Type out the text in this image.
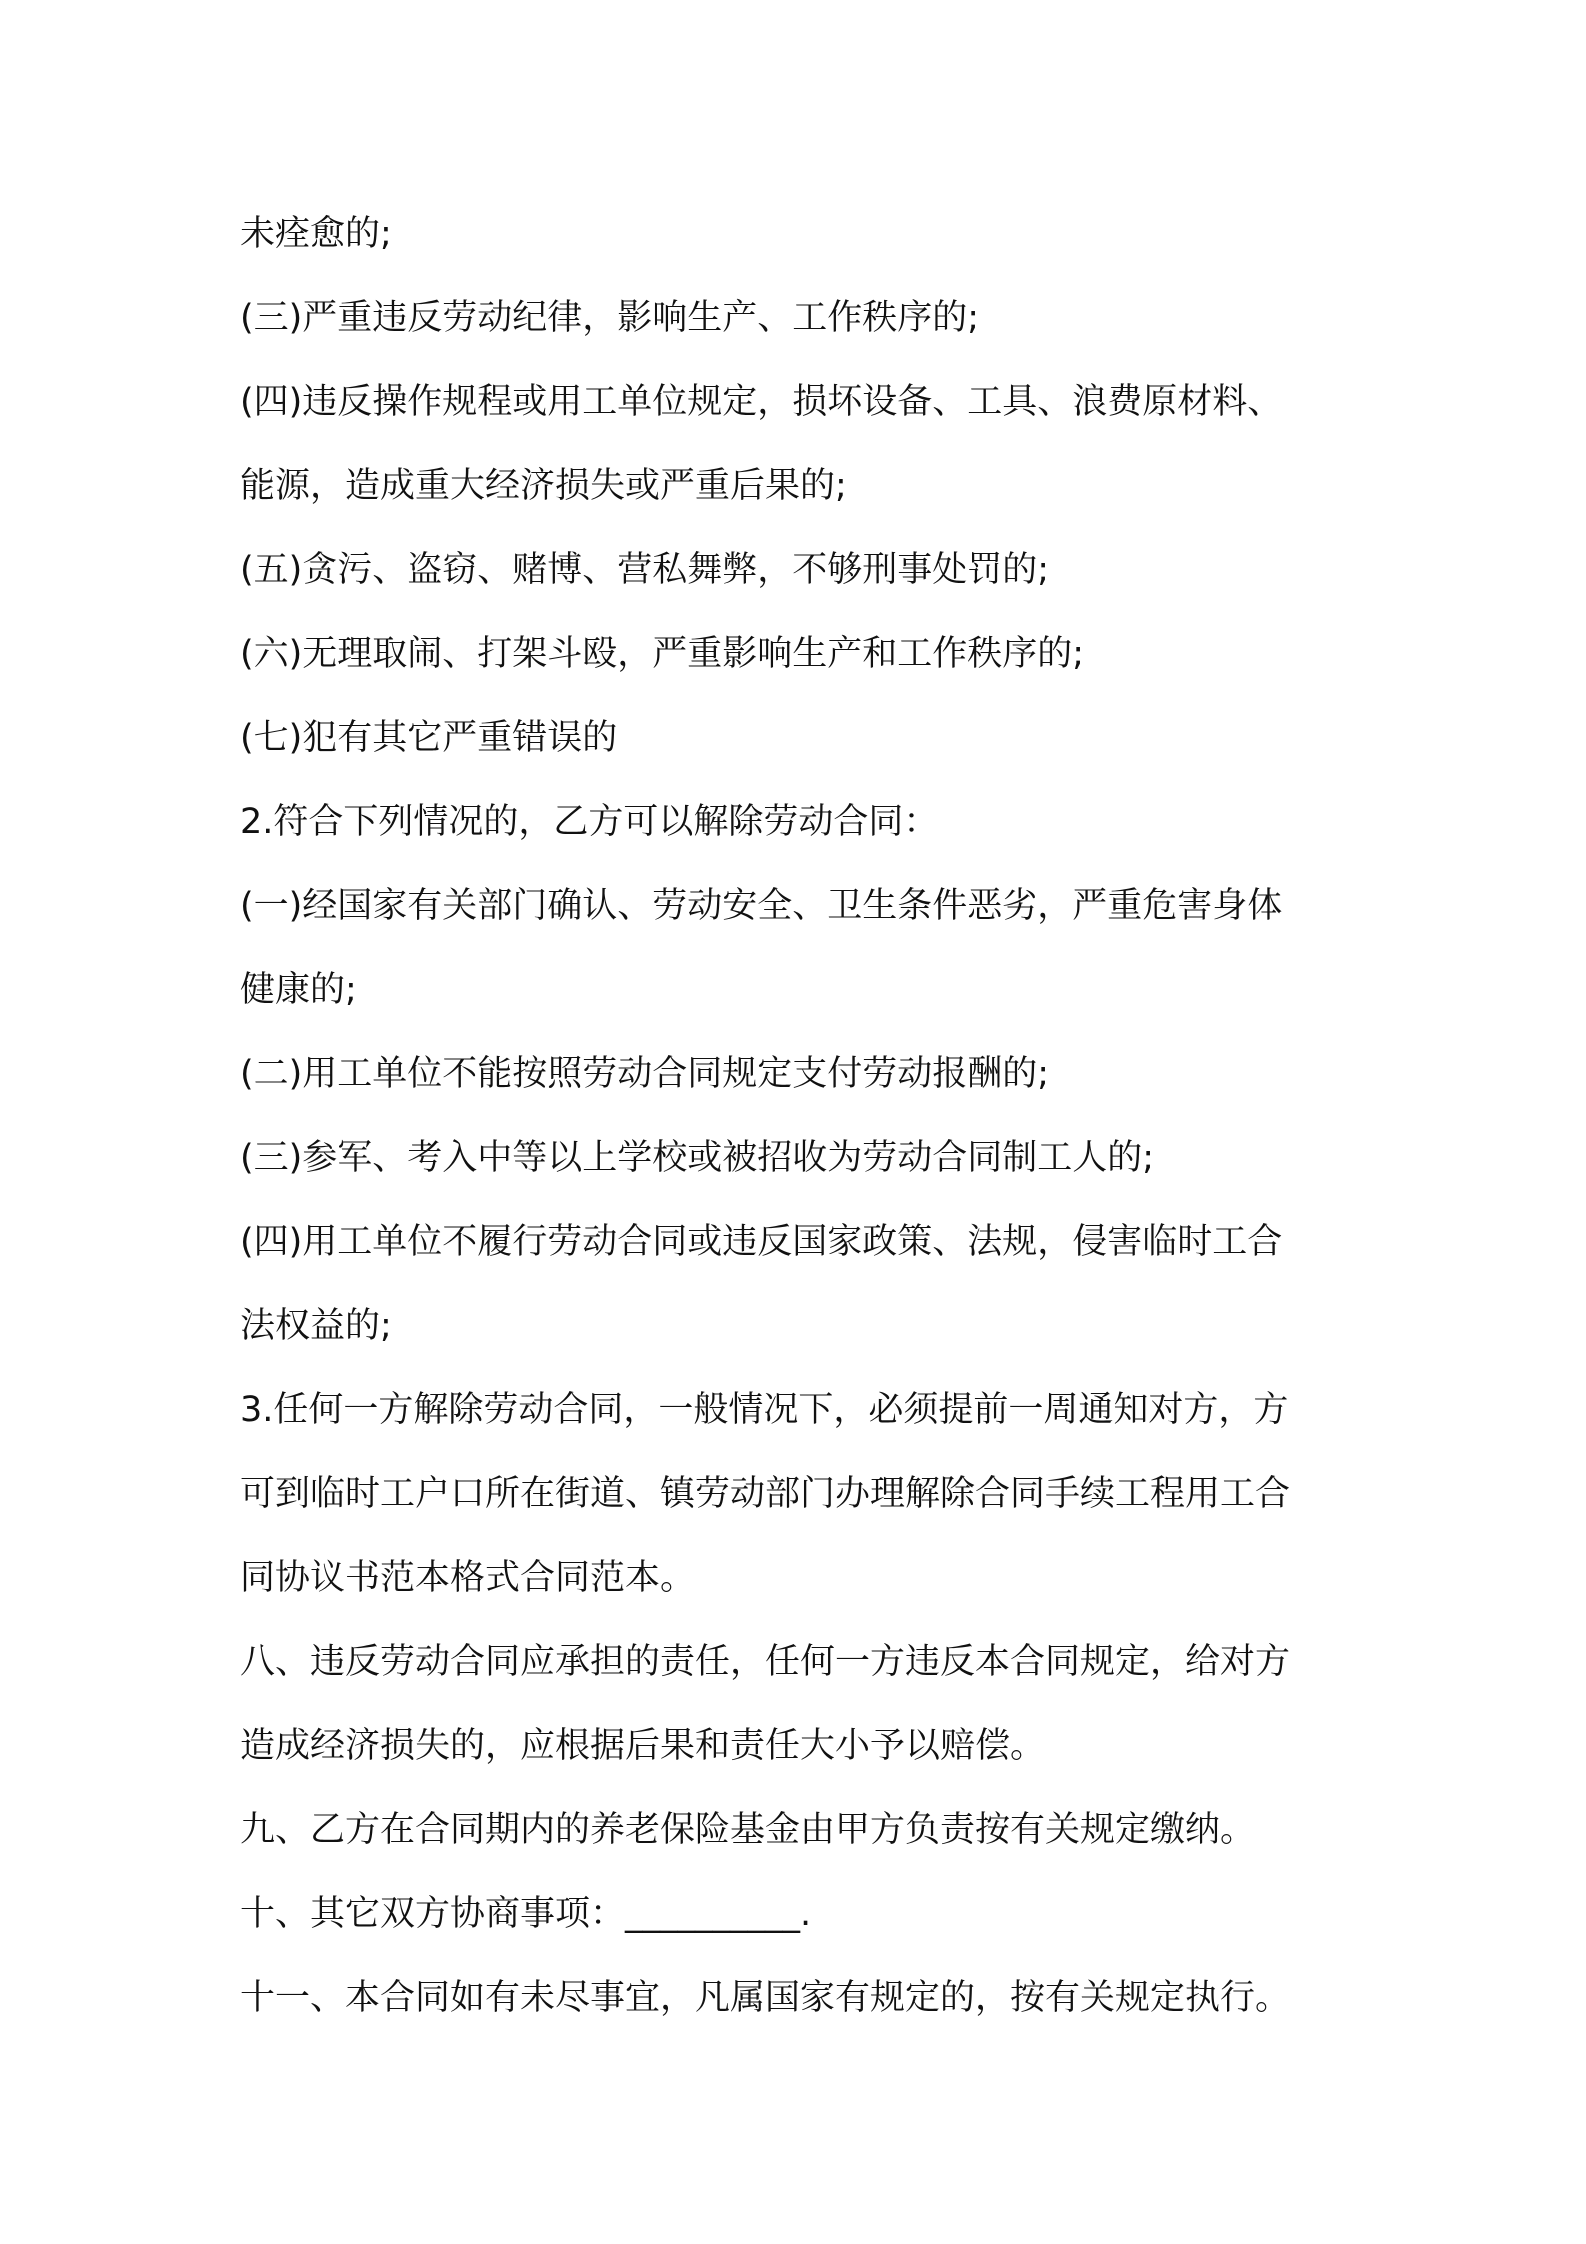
未痊愈的;
(三)严重违反劳动纪律，影响生产、工作秩序的;
(四)违反操作规程或用工单位规定，损坏设备、工具、浪费原材料、
能源，造成重大经济损失或严重后果的;
(五)贪污、盗窃、赌博、营私舞弊，不够刑事处罚的;
(六)无理取闹、打架斗殴，严重影响生产和工作秩序的;
(七)犯有其它严重错误的
2.符合下列情况的，乙方可以解除劳动合同：
(一)经国家有关部门确认、劳动安全、卫生条件恶劣，严重危害身体
健康的;
(二)用工单位不能按照劳动合同规定支付劳动报酬的;
(三)参军、考入中等以上学校或被招收为劳动合同制工人的;
(四)用工单位不履行劳动合同或违反国家政策、法规，侵害临时工合
法权益的;
3.任何一方解除劳动合同，一般情况下，必须提前一周通知对方，方
可到临时工户口所在街道、镇劳动部门办理解除合同手续工程用工合
同协议书范本格式合同范本。
八、违反劳动合同应承担的责任，任何一方违反本合同规定，给对方
造成经济损失的，应根据后果和责任大小予以赔偿。
九、乙方在合同期内的养老保险基金由甲方负责按有关规定缴纳。
十、其它双方协商事项：__________.
十一、本合同如有未尽事宜，凡属国家有规定的，按有关规定执行。
